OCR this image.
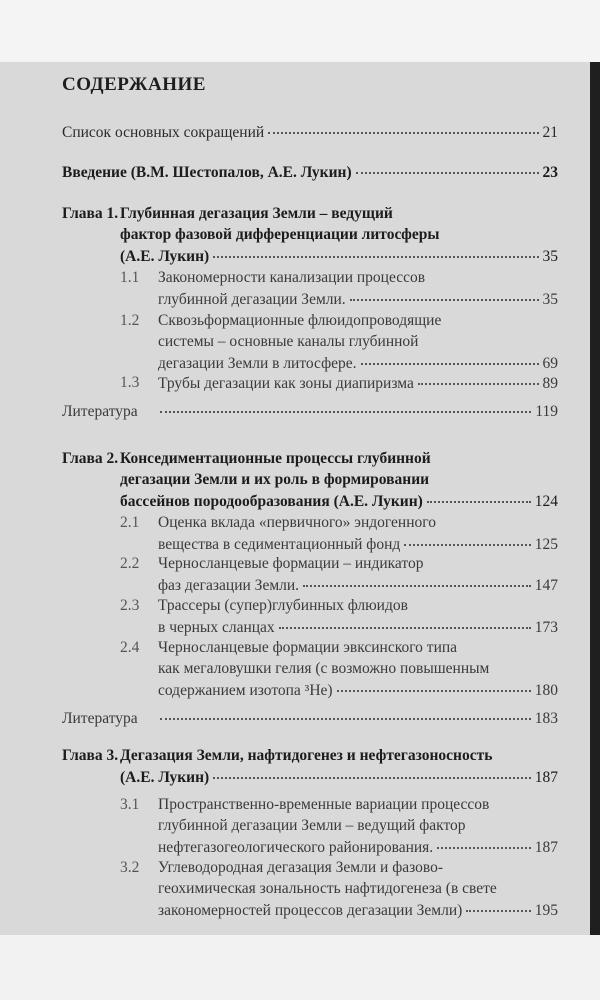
СОДЕРЖАНИЕ
Список основных сокращений	21
Введение (В.М. Шестопалов, А.Е. Лукин)	23
Глава 1. Глубинная дегазация Земли – ведущий
фактор фазовой дифференциации литосферы
(А.Е. Лукин)	35
1.1 Закономерности канализации процессов
глубинной дегазации Земли.	35
1.2 Сквозьформационные флюидопроводящие
системы – основные каналы глубинной
дегазации Земли в литосфере.	69
1.3 Трубы дегазации как зоны диапиризма	89
Литература	119
Глава 2. Конседиментационные процессы глубинной
дегазации Земли и их роль в формировании
бассейнов породообразования (А.Е. Лукин)	124
2.1 Оценка вклада «первичного» эндогенного
вещества в седиментационный фонд	125
2.2 Черносланцевые формации – индикатор
фаз дегазации Земли.	147
2.3 Трассеры (супер)глубинных флюидов
в черных сланцах	173
2.4 Черносланцевые формации эвксинского типа
как мегаловушки гелия (с возможно повышенным
содержанием изотопа ³He)	180
Литература	183
Глава 3. Дегазация Земли, нафтидогенез и нефтегазоносность
(А.Е. Лукин)	187
3.1 Пространственно-временные вариации процессов
глубинной дегазации Земли – ведущий фактор
нефтегазогеологического районирования.	187
3.2 Углеводородная дегазация Земли и фазово-
геохимическая зональность нафтидогенеза (в свете
закономерностей процессов дегазации Земли)	195
